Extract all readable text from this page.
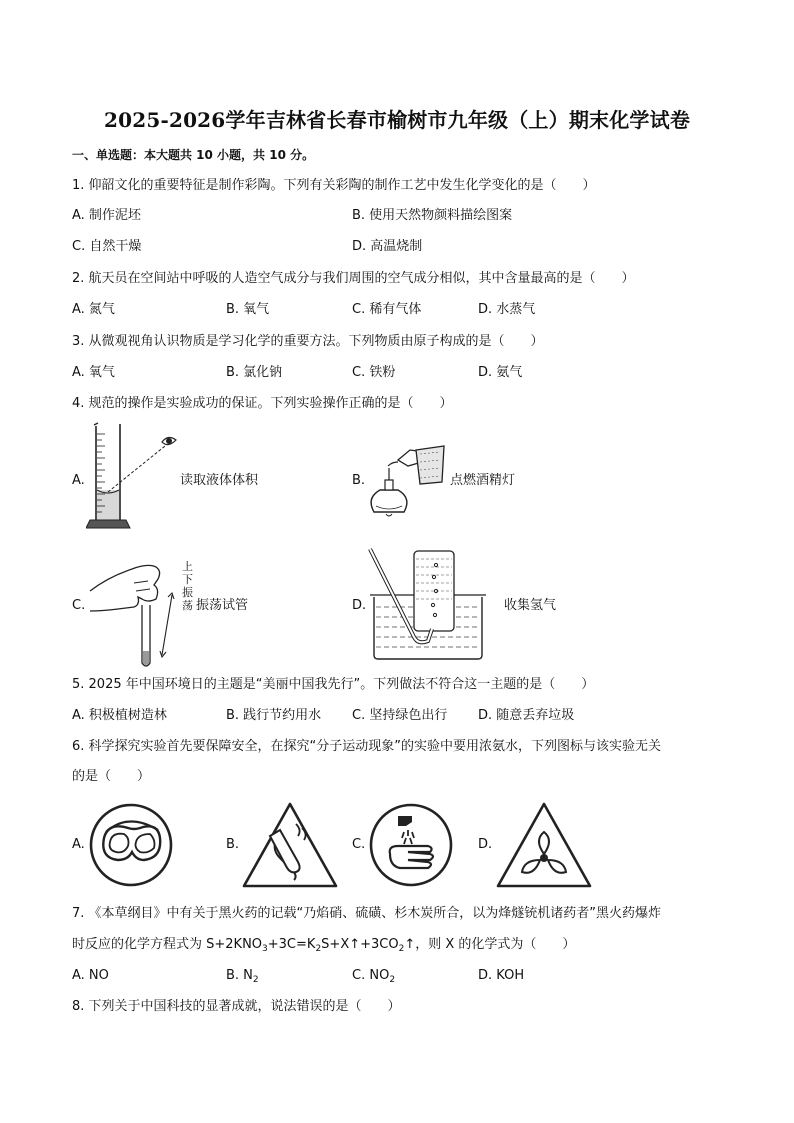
2025-2026学年吉林省长春市榆树市九年级（上）期末化学试卷
一、单选题：本大题共 10 小题，共 10 分。
1. 仰韶文化的重要特征是制作彩陶。下列有关彩陶的制作工艺中发生化学变化的是（　　）
A. 制作泥坯	B. 使用天然物颜料描绘图案
C. 自然干燥	D. 高温烧制
2. 航天员在空间站中呼吸的人造空气成分与我们周围的空气成分相似，其中含量最高的是（　　）
A. 氮气	B. 氧气	C. 稀有气体	D. 水蒸气
3. 从微观视角认识物质是学习化学的重要方法。下列物质由原子构成的是（　　）
A. 氧气	B. 氯化钠	C. 铁粉	D. 氨气
4. 规范的操作是实验成功的保证。下列实验操作正确的是（　　）
A.	读取液体体积	B.	点燃酒精灯
C.
上
下
振
荡 振荡试管	D.	收集氢气
5. 2025 年中国环境日的主题是“美丽中国我先行”。下列做法不符合这一主题的是（　　）
A. 积极植树造林	B. 践行节约用水 C. 坚持绿色出行 D. 随意丢弃垃圾
6. 科学探究实验首先要保障安全，在探究“分子运动现象”的实验中要用浓氨水，下列图标与该实验无关
的是（　　）
A.	B.	C.	D.
7. 《本草纲目》中有关于黑火药的记载“乃焰硝、硫磺、杉木炭所合，以为烽燧铳机诸药者”黑火药爆炸
时反应的化学方程式为 $S+2KNO_3+3C=K_2S+X↑+3CO_2↑$，则 X 的化学式为（　　）
A. NO	B. $N_2$	C. $NO_2$	D. KOH
8. 下列关于中国科技的显著成就，说法错误的是（　　）
